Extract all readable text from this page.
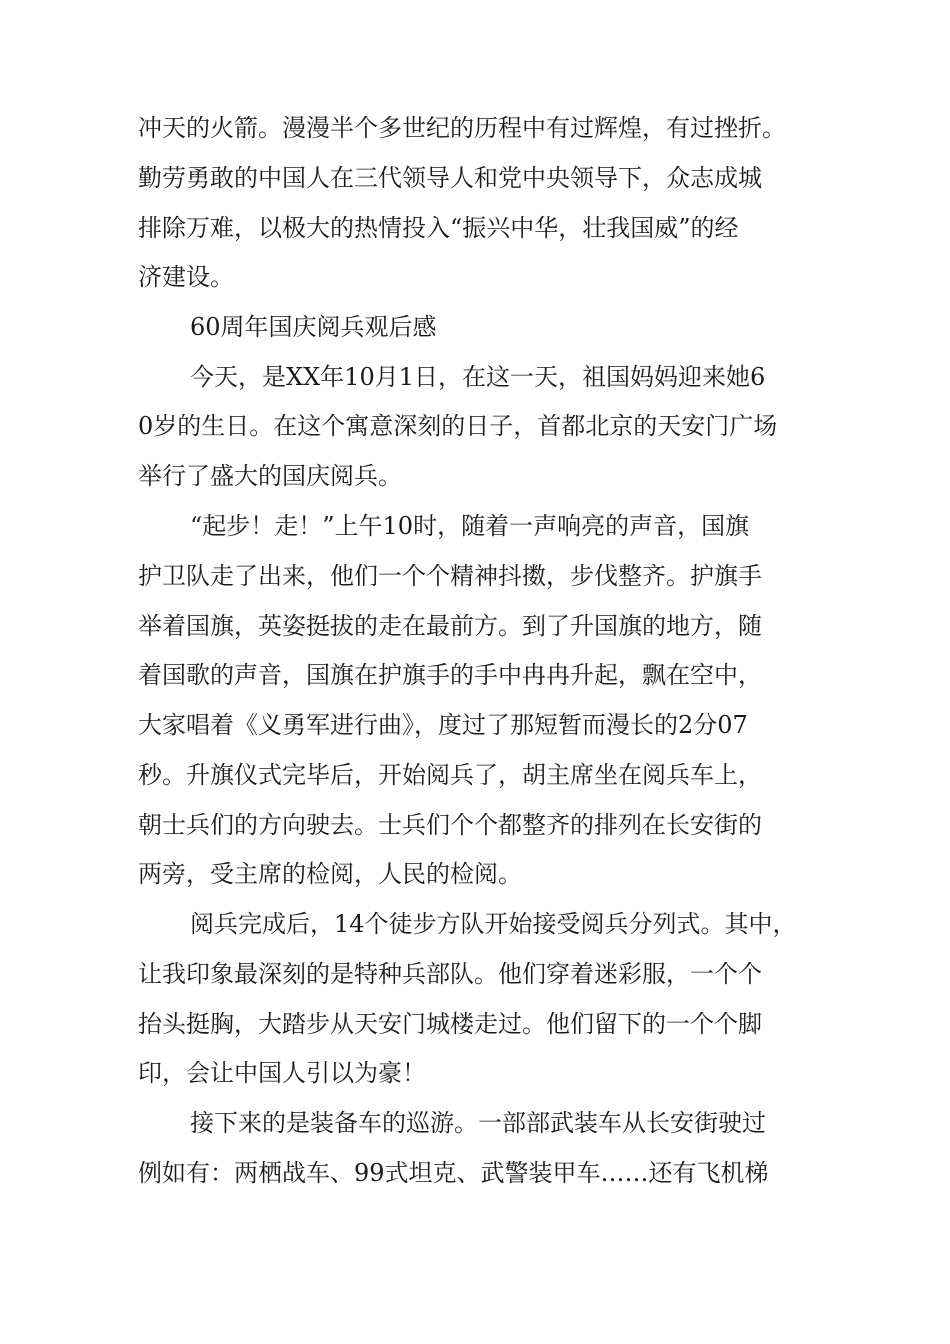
冲天的火箭。漫漫半个多世纪的历程中有过辉煌，有过挫折。
勤劳勇敢的中国人在三代领导人和党中央领导下，众志成城
排除万难，以极大的热情投入“振兴中华，壮我国威”的经
济建设。
60周年国庆阅兵观后感
今天，是XX年10月1日，在这一天，祖国妈妈迎来她6
0岁的生日。在这个寓意深刻的日子，首都北京的天安门广场
举行了盛大的国庆阅兵。
“起步！走！”上午10时，随着一声响亮的声音，国旗
护卫队走了出来，他们一个个精神抖擞，步伐整齐。护旗手
举着国旗，英姿挺拔的走在最前方。到了升国旗的地方，随
着国歌的声音，国旗在护旗手的手中冉冉升起，飘在空中，
大家唱着《义勇军进行曲》，度过了那短暂而漫长的2分07
秒。升旗仪式完毕后，开始阅兵了，胡主席坐在阅兵车上，
朝士兵们的方向驶去。士兵们个个都整齐的排列在长安街的
两旁，受主席的检阅，人民的检阅。
阅兵完成后，14个徒步方队开始接受阅兵分列式。其中，
让我印象最深刻的是特种兵部队。他们穿着迷彩服，一个个
抬头挺胸，大踏步从天安门城楼走过。他们留下的一个个脚
印，会让中国人引以为豪！
接下来的是装备车的巡游。一部部武装车从长安街驶过
例如有：两栖战车、99式坦克、武警装甲车……还有飞机梯
